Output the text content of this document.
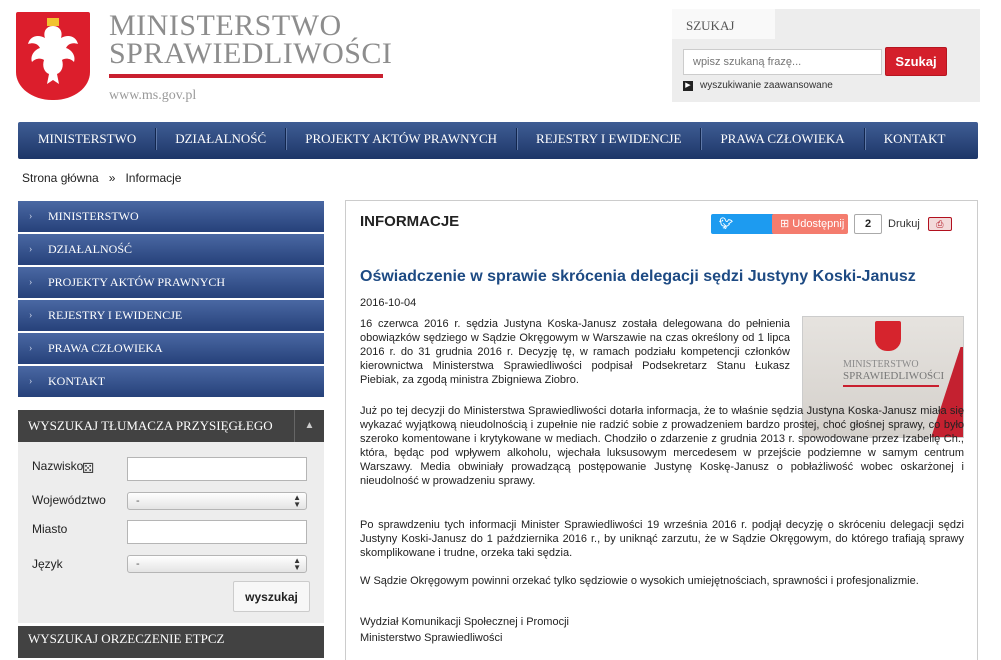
MINISTERSTWO
SPRAWIEDLIWOŚCI
www.ms.gov.pl
SZUKAJ
wpisz szukaną frazę...
Szukaj
▶ wyszukiwanie zaawansowane
MINISTERSTWO	DZIAŁALNOŚĆ	PROJEKTY AKTÓW PRAWNYCH	REJESTRY I EWIDENCJE	PRAWA CZŁOWIEKA	KONTAKT
Strona główna » Informacje
› MINISTERSTWO
› DZIAŁALNOŚĆ
› PROJEKTY AKTÓW PRAWNYCH
› REJESTRY I EWIDENCJE
› PRAWA CZŁOWIEKA
› KONTAKT
WYSZUKAJ TŁUMACZA PRZYSIĘGŁEGO	▲
Nazwisko
Województwo	-	▲
▼
Miasto
Język	-	▲
▼
wyszukaj
⚄
WYSZUKAJ ORZECZENIE ETPCZ
INFORMACJE	🐦︎ Tweetnij
⊞ Udostępnij	2	Drukuj	⎙
Oświadczenie w sprawie skrócenia delegacji sędzi Justyny Koski-Janusz
2016-10-04
MINISTERSTWO
SPRAWIEDLIWOŚCI

16 czerwca 2016 r. sędzia Justyna Koska-Janusz została delegowana do pełnienia obowiązków sędziego w Sądzie Okręgowym w Warszawie na czas określony od 1 lipca 2016 r. do 31 grudnia 2016 r. Decyzję tę, w ramach podziału kompetencji członków kierownictwa Ministerstwa Sprawiedliwości podpisał Podsekretarz Stanu Łukasz Piebiak, za zgodą ministra Zbigniewa Ziobro.

Już po tej decyzji do Ministerstwa Sprawiedliwości dotarła informacja, że to właśnie sędzia Justyna Koska-Janusz miała się wykazać wyjątkową nieudolnością i zupełnie nie radzić sobie z prowadzeniem bardzo prostej, choć głośnej sprawy, co było szeroko komentowane i krytykowane w mediach. Chodziło o zdarzenie z grudnia 2013 r. spowodowane przez Izabellę Ch., która, będąc pod wpływem alkoholu, wjechała luksusowym mercedesem w przejście podziemne w samym centrum Warszawy. Media obwiniały prowadzącą postępowanie Justynę Koskę-Janusz o pobłażliwość wobec oskarżonej i nieudolność w prowadzeniu sprawy.

Po sprawdzeniu tych informacji Minister Sprawiedliwości 19 września 2016 r. podjął decyzję o skróceniu delegacji sędzi Justyny Koski-Janusz do 1 października 2016 r., by uniknąć zarzutu, że w Sądzie Okręgowym, do którego trafiają sprawy skomplikowane i trudne, orzeka taki sędzia.

W Sądzie Okręgowym powinni orzekać tylko sędziowie o wysokich umiejętnościach, sprawności i profesjonalizmie.

Wydział Komunikacji Społecznej i Promocji

Ministerstwo Sprawiedliwości
